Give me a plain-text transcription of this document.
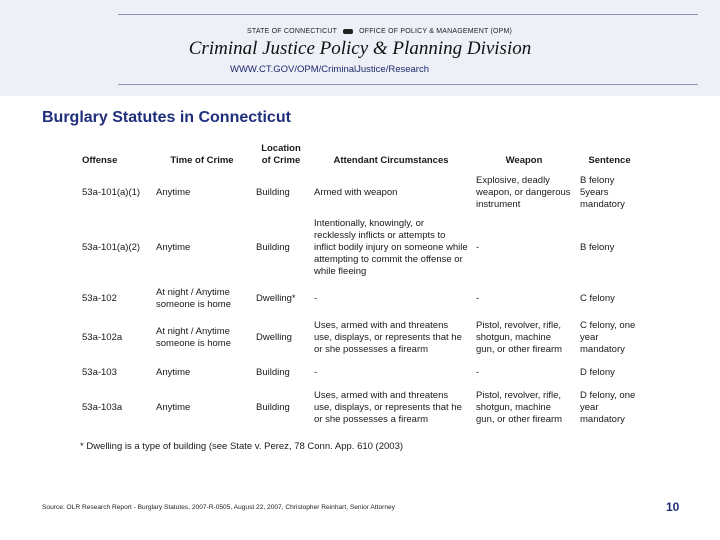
STATE OF CONNECTICUT	OFFICE OF POLICY & MANAGEMENT (OPM)
Criminal Justice Policy & Planning Division
WWW.CT.GOV/OPM/CriminalJustice/Research
Burglary Statutes in Connecticut
Offense	Time of Crime	Location of Crime	Attendant Circumstances	Weapon	Sentence
53a-101(a)(1)	Anytime	Building	Armed with weapon	Explosive, deadly weapon, or dangerous instrument	B felony 5years mandatory
53a-101(a)(2)	Anytime	Building	Intentionally, knowingly, or recklessly inflicts or attempts to inflict bodily injury on someone while attempting to commit the offense or while fleeing	-	B felony
53a-102	At night / Anytime someone is home	Dwelling*	-	-	C felony
53a-102a	At night / Anytime someone is home	Dwelling	Uses, armed with and threatens use, displays, or represents that he or she possesses a firearm	Pistol, revolver, rifle, shotgun, machine gun, or other firearm	C felony, one year mandatory
53a-103	Anytime	Building	-	-	D felony
53a-103a	Anytime	Building	Uses, armed with and threatens use, displays, or represents that he or she possesses a firearm	Pistol, revolver, rifle, shotgun, machine gun, or other firearm	D felony, one year mandatory
* Dwelling is a type of building (see State v. Perez, 78 Conn. App. 610 (2003)
Source: OLR Research Report - Burglary Statutes, 2007-R-0505, August 22, 2007, Christopher Reinhart, Senior Attorney	10
